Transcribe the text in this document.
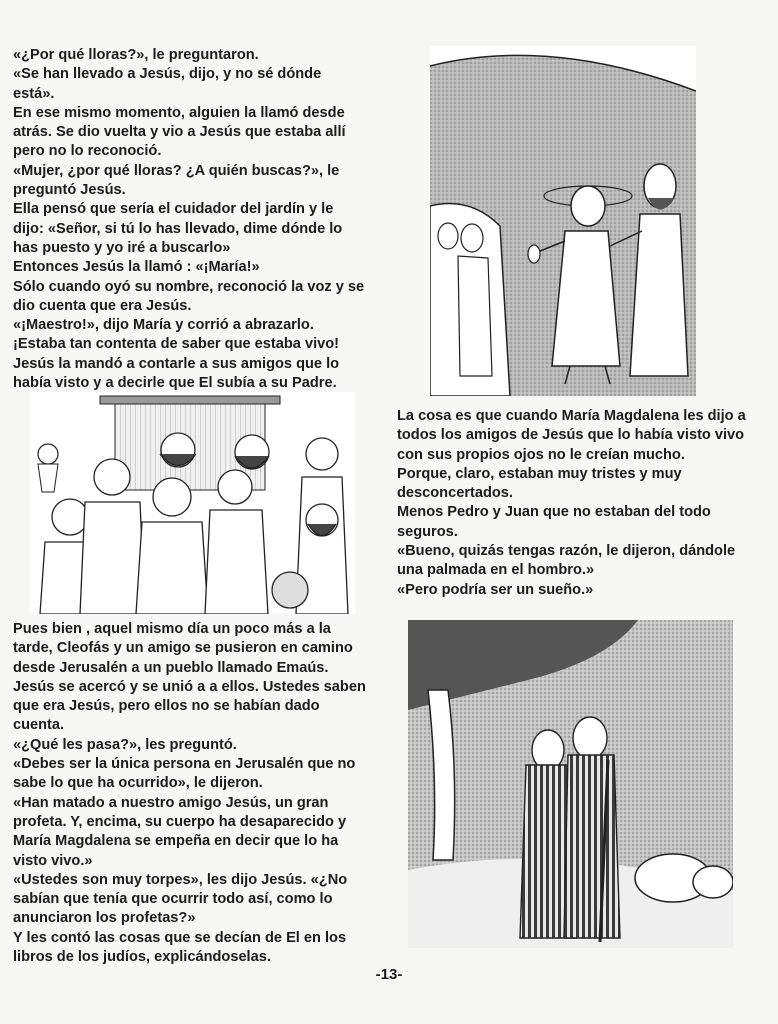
«¿Por qué lloras?», le preguntaron.

«Se han llevado a Jesús, dijo, y no sé dónde está».

En ese mismo momento, alguien la llamó desde atrás. Se dio vuelta y vio a Jesús que estaba allí pero no lo reconoció.

«Mujer, ¿por qué lloras? ¿A quién buscas?», le preguntó Jesús.

Ella pensó que sería el cuidador del jardín y le dijo: «Señor, si tú lo has llevado, dime dónde lo has puesto y yo iré a buscarlo»

Entonces Jesús la llamó : «¡María!»

Sólo cuando oyó su nombre, reconoció la voz y se dio cuenta que era Jesús.

«¡Maestro!», dijo María y corrió a abrazarlo. ¡Estaba tan contenta de saber que estaba vivo!

Jesús la mandó a contarle a sus amigos que lo había visto y a decirle que El subía a su Padre.

La cosa es que cuando María Magdalena les dijo a todos los amigos de Jesús que lo había visto vivo con sus propios ojos no le creían mucho.

Porque, claro, estaban muy tristes y muy desconcertados.

Menos Pedro y Juan que no estaban del todo seguros.

«Bueno, quizás tengas razón, le dijeron, dándole una palmada en el hombro.»

«Pero podría ser un sueño.»

Pues bien , aquel mismo día un poco más a la tarde, Cleofás y un amigo se pusieron en camino desde Jerusalén a un pueblo llamado Emaús. Jesús se acercó y se unió a a ellos. Ustedes saben que era Jesús, pero ellos no se habían dado cuenta.

«¿Qué les pasa?», les preguntó.

«Debes ser la única persona en Jerusalén que no sabe lo que ha ocurrido», le dijeron.

«Han matado a nuestro amigo Jesús, un gran profeta. Y, encima, su cuerpo ha desaparecido y María Magdalena se empeña en decir que lo ha visto vivo.»

«Ustedes son muy torpes», les dijo Jesús. «¿No sabían que tenía que ocurrir todo así, como lo anunciaron los profetas?»

Y les contó las cosas que se decían de El en los libros de los judíos, explicándoselas.

-13-
